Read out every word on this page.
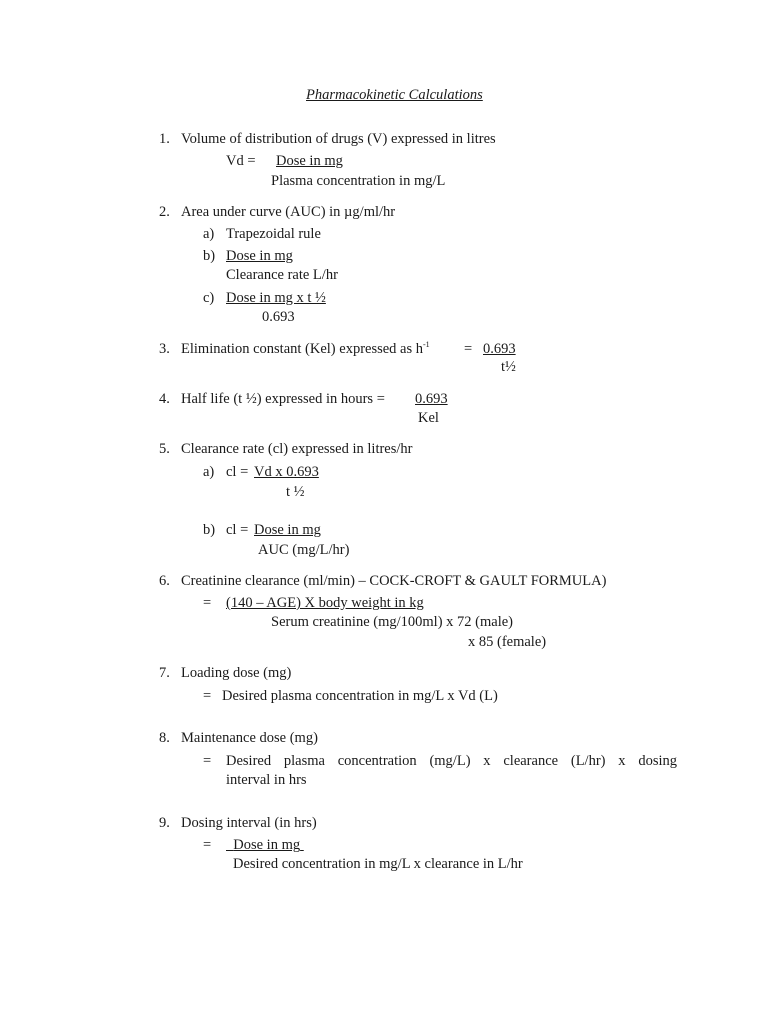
Pharmacokinetic Calculations
1. Volume of distribution of drugs (V) expressed in litres
Vd = Dose in mg
Plasma concentration in mg/L
2. Area under curve (AUC) in µg/ml/hr
a) Trapezoidal rule
b) Dose in mg
Clearance rate L/hr
c) Dose in mg x t ½
0.693
3. Elimination constant (Kel) expressed as $h^{-1} = 0.693$
t½
4. Half life (t ½) expressed in hours = 0.693
Kel
5. Clearance rate (cl) expressed in litres/hr
a) cl = Vd x 0.693
t ½
b) cl = Dose in mg
AUC (mg/L/hr)
6. Creatinine clearance (ml/min) – COCK-CROFT & GAULT FORMULA)
= (140 – AGE) X body weight in kg
Serum creatinine (mg/100ml) x 72 (male)
x 85 (female)
7. Loading dose (mg)
= Desired plasma concentration in mg/L x Vd (L)
8. Maintenance dose (mg)
= Desired plasma concentration (mg/L) x clearance (L/hr) x dosing
interval in hrs
9. Dosing interval (in hrs)
=	Dose in mg
Desired concentration in mg/L x clearance in L/hr
